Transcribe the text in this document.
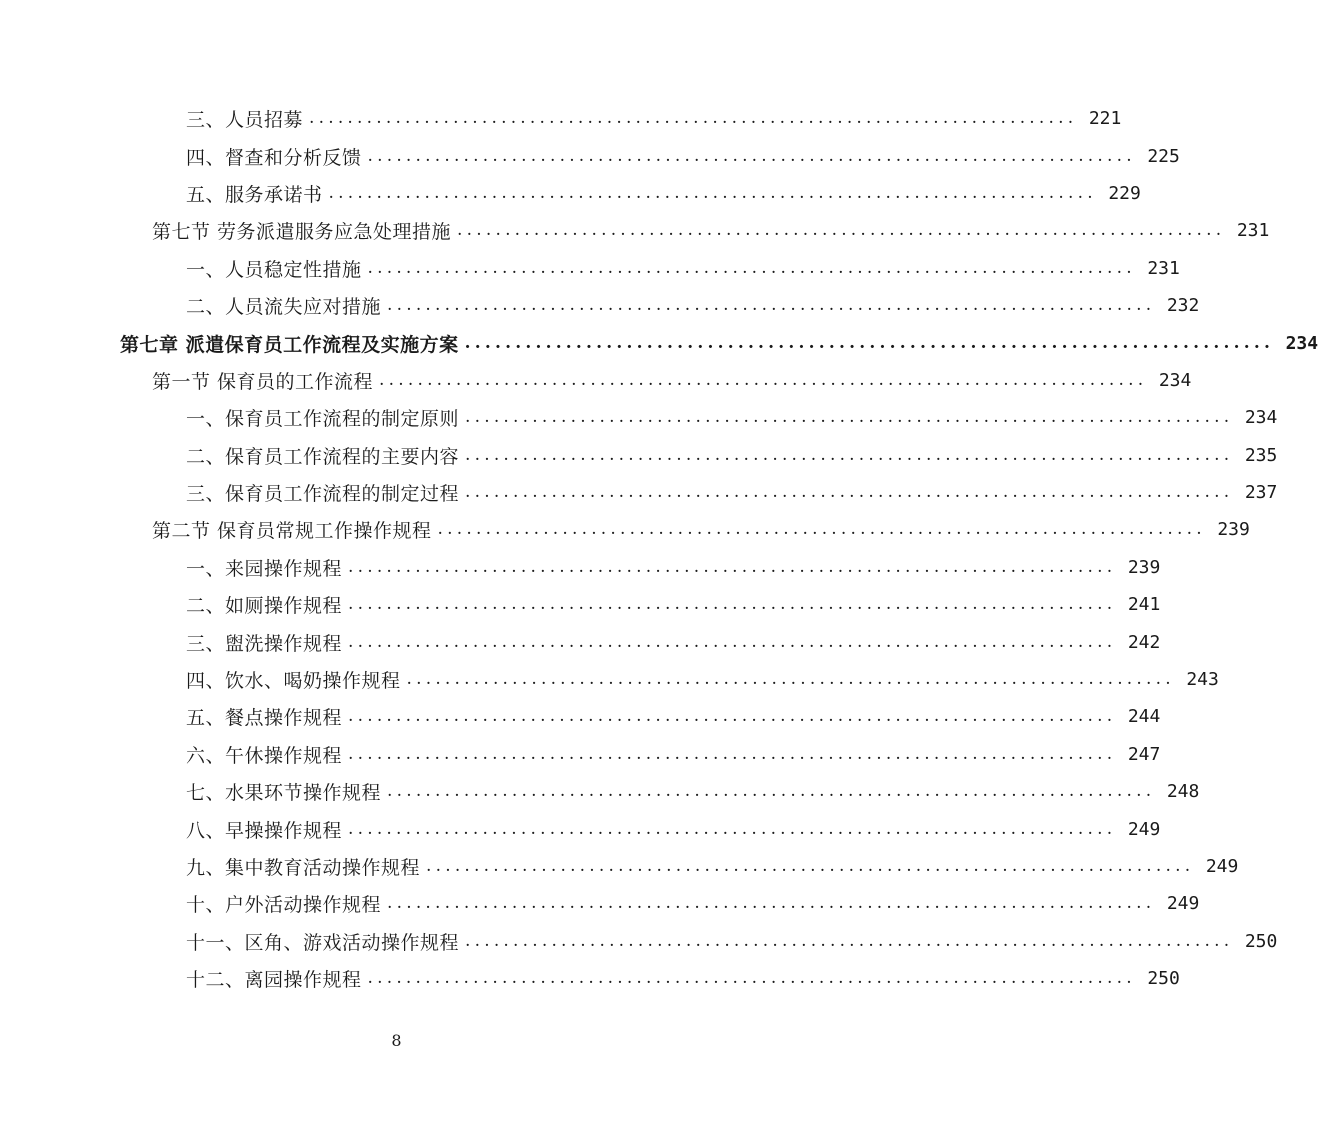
三、人员招募 ................................................................................ 221
四、督查和分析反馈 ................................................................................ 225
五、服务承诺书 ................................................................................ 229
第七节 劳务派遣服务应急处理措施 ................................................................................ 231
一、人员稳定性措施 ................................................................................ 231
二、人员流失应对措施 ................................................................................ 232
第七章 派遣保育员工作流程及实施方案 ................................................................................ 234
第一节 保育员的工作流程 ................................................................................ 234
一、保育员工作流程的制定原则 ................................................................................ 234
二、保育员工作流程的主要内容 ................................................................................ 235
三、保育员工作流程的制定过程 ................................................................................ 237
第二节 保育员常规工作操作规程 ................................................................................ 239
一、来园操作规程 ................................................................................ 239
二、如厕操作规程 ................................................................................ 241
三、盥洗操作规程 ................................................................................ 242
四、饮水、喝奶操作规程 ................................................................................ 243
五、餐点操作规程 ................................................................................ 244
六、午休操作规程 ................................................................................ 247
七、水果环节操作规程 ................................................................................ 248
八、早操操作规程 ................................................................................ 249
九、集中教育活动操作规程 ................................................................................ 249
十、户外活动操作规程 ................................................................................ 249
十一、区角、游戏活动操作规程 ................................................................................ 250
十二、离园操作规程 ................................................................................ 250
8
